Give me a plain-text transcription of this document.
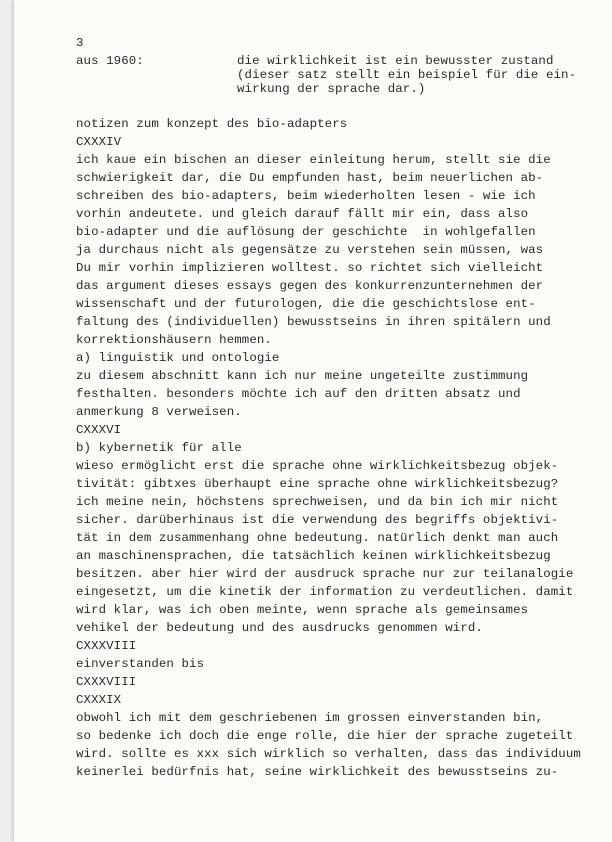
3

aus 1960:	die wirklichkeit ist ein bewusster zustand

(dieser satz stellt ein beispiel für die ein-

wirkung der sprache dar.)

notizen zum konzept des bio-adapters

CXXXIV

ich kaue ein bischen an dieser einleitung herum, stellt sie die

schwierigkeit dar, die Du empfunden hast, beim neuerlichen ab-

schreiben des bio-adapters, beim wiederholten lesen - wie ich

vorhin andeutete. und gleich darauf fällt mir ein, dass also

bio-adapter und die auflösung der geschichte  in wohlgefallen

ja durchaus nicht als gegensätze zu verstehen sein müssen, was

Du mir vorhin implizieren wolltest. so richtet sich vielleicht

das argument dieses essays gegen des konkurrenzunternehmen der

wissenschaft und der futurologen, die die geschichtslose ent-

faltung des (individuellen) bewusstseins in ihren spitälern und

korrektionshäusern hemmen.

a) linguistik und ontologie

zu diesem abschnitt kann ich nur meine ungeteilte zustimmung

festhalten. besonders möchte ich auf den dritten absatz und

anmerkung 8 verweisen.

CXXXVI

b) kybernetik für alle

wieso ermöglicht erst die sprache ohne wirklichkeitsbezug objek-

tivität: gibtxes überhaupt eine sprache ohne wirklichkeitsbezug?

ich meine nein, höchstens sprechweisen, und da bin ich mir nicht

sicher. darüberhinaus ist die verwendung des begriffs objektivi-

tät in dem zusammenhang ohne bedeutung. natürlich denkt man auch

an maschinensprachen, die tatsächlich keinen wirklichkeitsbezug

besitzen. aber hier wird der ausdruck sprache nur zur teilanalogie

eingesetzt, um die kinetik der information zu verdeutlichen. damit

wird klar, was ich oben meinte, wenn sprache als gemeinsames

vehikel der bedeutung und des ausdrucks genommen wird.

CXXXVIII

einverstanden bis

CXXXVIII

CXXXIX

obwohl ich mit dem geschriebenen im grossen einverstanden bin,

so bedenke ich doch die enge rolle, die hier der sprache zugeteilt

wird. sollte es xxx sich wirklich so verhalten, dass das individuum

keinerlei bedürfnis hat, seine wirklichkeit des bewusstseins zu-
